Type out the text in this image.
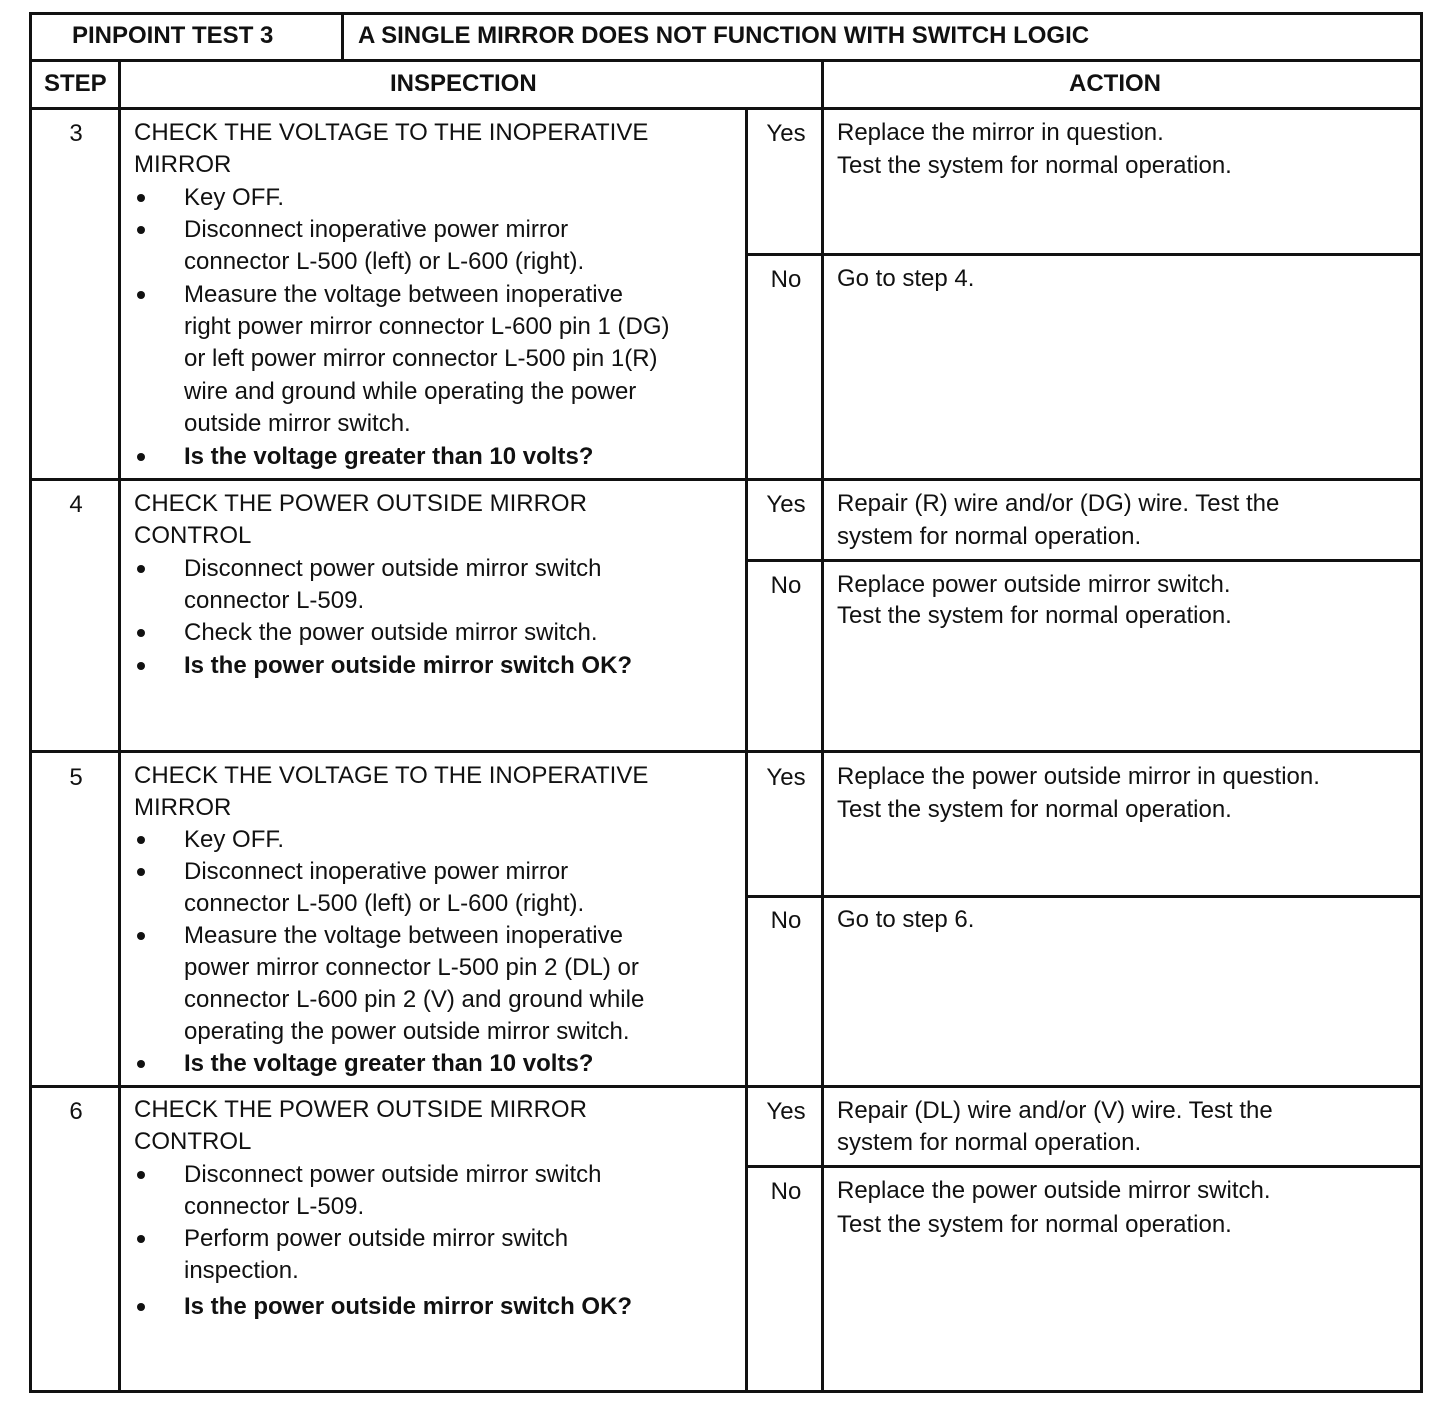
PINPOINT TEST 3	A SINGLE MIRROR DOES NOT FUNCTION WITH SWITCH LOGIC
STEP	INSPECTION	ACTION
3	CHECK THE VOLTAGE TO THE INOPERATIVE
MIRROR
Key OFF.
Disconnect inoperative power mirror
connector L-500 (left) or L-600 (right).
Measure the voltage between inoperative
right power mirror connector L-600 pin 1 (DG)
or left power mirror connector L-500 pin 1(R)
wire and ground while operating the power
outside mirror switch.
Is the voltage greater than 10 volts?
Yes	Replace the mirror in question.
Test the system for normal operation.
No	Go to step 4.
4	CHECK THE POWER OUTSIDE MIRROR
CONTROL
Disconnect power outside mirror switch
connector L-509.
Check the power outside mirror switch.
Is the power outside mirror switch OK?
Yes	Repair (R) wire and/or (DG) wire. Test the
system for normal operation.
No	Replace power outside mirror switch.
Test the system for normal operation.
5	CHECK THE VOLTAGE TO THE INOPERATIVE
MIRROR
Key OFF.
Disconnect inoperative power mirror
connector L-500 (left) or L-600 (right).
Measure the voltage between inoperative
power mirror connector L-500 pin 2 (DL) or
connector L-600 pin 2 (V) and ground while
operating the power outside mirror switch.
Is the voltage greater than 10 volts?
Yes	Replace the power outside mirror in question.
Test the system for normal operation.
No	Go to step 6.
6	CHECK THE POWER OUTSIDE MIRROR
CONTROL
Disconnect power outside mirror switch
connector L-509.
Perform power outside mirror switch
inspection.
Is the power outside mirror switch OK?
Yes	Repair (DL) wire and/or (V) wire. Test the
system for normal operation.
No	Replace the power outside mirror switch.
Test the system for normal operation.
